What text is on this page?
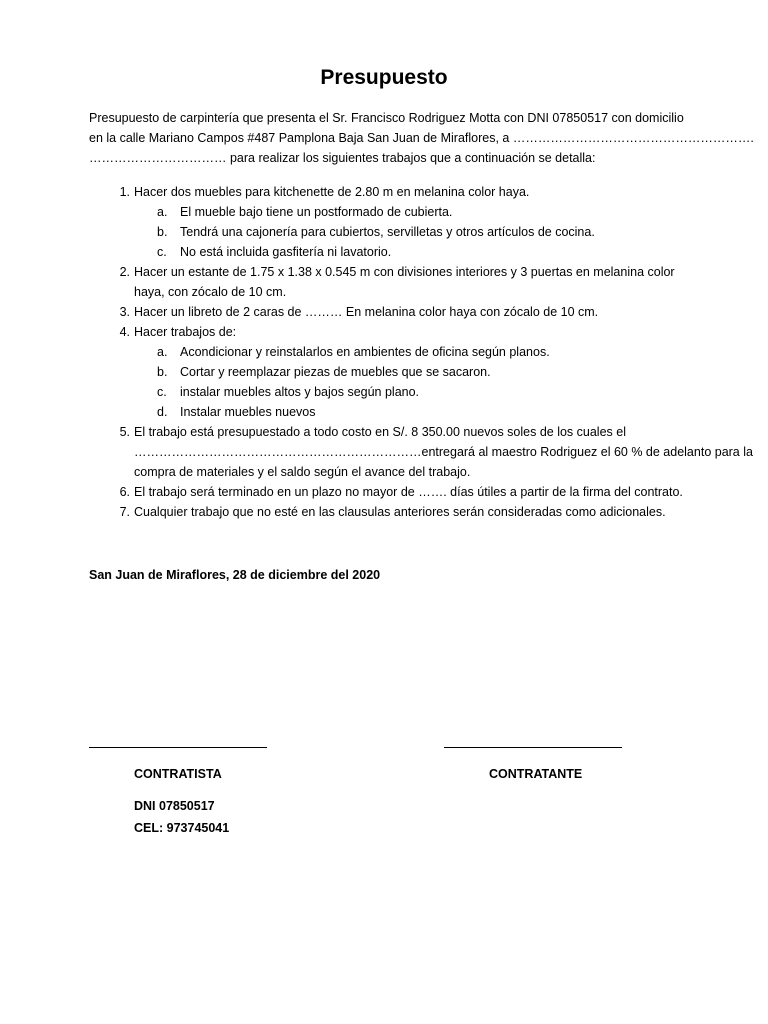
Presupuesto

Presupuesto de carpintería que presenta el Sr. Francisco Rodriguez Motta con DNI 07850517 con domicilio

en la calle Mariano Campos #487 Pamplona Baja San Juan de Miraflores, a ………………………………………………….

…………………………… para realizar los siguientes trabajos que a continuación se detalla:

1. Hacer dos muebles para kitchenette de 2.80 m en melanina color haya.
a.	El mueble bajo tiene un postformado de cubierta.
b.	Tendrá una cajonería para cubiertos, servilletas y otros artículos de cocina.
c.	No está incluida gasfitería ni lavatorio.
2. Hacer un estante de 1.75 x 1.38 x 0.545 m con divisiones interiores y 3 puertas en melanina color
haya, con zócalo de 10 cm.
3. Hacer un libreto de 2 caras de ……… En melanina color haya con zócalo de 10 cm.
4. Hacer trabajos de:
a.	Acondicionar y reinstalarlos en ambientes de oficina según planos.
b.	Cortar y reemplazar piezas de muebles que se sacaron.
c.	instalar muebles altos y bajos según plano.
d.	Instalar muebles nuevos
5. El trabajo está presupuestado a todo costo en S/. 8 350.00 nuevos soles de los cuales el
……………………………………………………………entregará al maestro Rodriguez el 60 % de adelanto para la
compra de materiales y el saldo según el avance del trabajo.
6. El trabajo será terminado en un plazo no mayor de ……. días útiles a partir de la firma del contrato.
7. Cualquier trabajo que no esté en las clausulas anteriores serán consideradas como adicionales.

San Juan de Miraflores, 28 de diciembre del 2020

CONTRATISTA	CONTRATANTE
DNI 07850517
CEL: 973745041
